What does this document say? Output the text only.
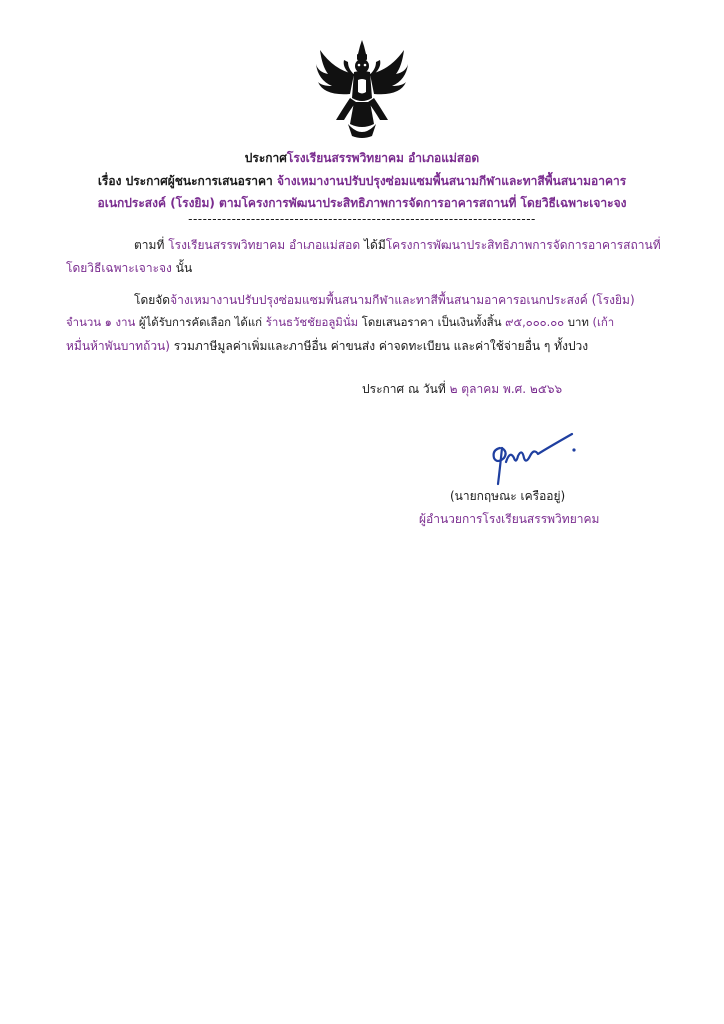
ประกาศโรงเรียนสรรพวิทยาคม อำเภอแม่สอด
เรื่อง ประกาศผู้ชนะการเสนอราคา จ้างเหมางานปรับปรุงซ่อมแซมพื้นสนามกีฬาและทาสีพื้นสนามอาคาร
อเนกประสงค์ (โรงยิม) ตามโครงการพัฒนาประสิทธิภาพการจัดการอาคารสถานที่ โดยวิธีเฉพาะเจาะจง
------------------------------------------------------------------------
ตามที่ โรงเรียนสรรพวิทยาคม อำเภอแม่สอด ได้มีโครงการพัฒนาประสิทธิภาพการจัดการอาคารสถานที่
โดยวิธีเฉพาะเจาะจง นั้น
โดยจัดจ้างเหมางานปรับปรุงซ่อมแซมพื้นสนามกีฬาและทาสีพื้นสนามอาคารอเนกประสงค์ (โรงยิม)
จำนวน ๑ งาน ผู้ได้รับการคัดเลือก ได้แก่ ร้านธวัชชัยอลูมินั่ม โดยเสนอราคา เป็นเงินทั้งสิ้น ๙๕,๐๐๐.๐๐ บาท (เก้า
หมื่นห้าพันบาทถ้วน) รวมภาษีมูลค่าเพิ่มและภาษีอื่น ค่าขนส่ง ค่าจดทะเบียน และค่าใช้จ่ายอื่น ๆ ทั้งปวง
ประกาศ ณ วันที่ ๒ ตุลาคม พ.ศ. ๒๕๖๖
(นายกฤษณะ เครืออยู่)
ผู้อำนวยการโรงเรียนสรรพวิทยาคม
